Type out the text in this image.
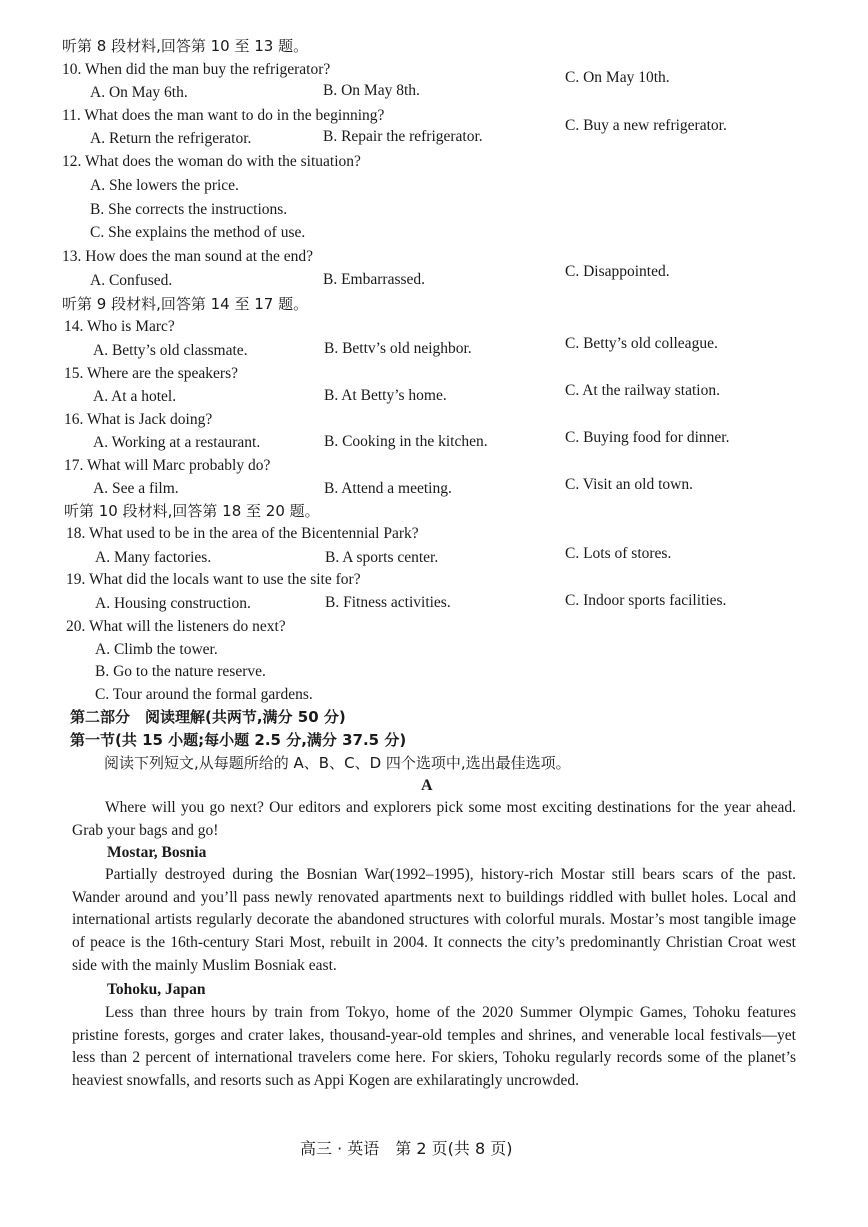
听第 8 段材料,回答第 10 至 13 题。
10. When did the man buy the refrigerator?
A. On May 6th.	B. On May 8th.
C. On May 10th.
11. What does the man want to do in the beginning?
A. Return the refrigerator.	B. Repair the refrigerator.
C. Buy a new refrigerator.
12. What does the woman do with the situation?
A. She lowers the price.
B. She corrects the instructions.
C. She explains the method of use.
13. How does the man sound at the end?
A. Confused.	B. Embarrassed.	C. Disappointed.
听第 9 段材料,回答第 14 至 17 题。
14. Who is Marc?
A. Betty’s old classmate.	B. Bettv’s old neighbor.	C. Betty’s old colleague.
15. Where are the speakers?
A. At a hotel.	B. At Betty’s home.	C. At the railway station.
16. What is Jack doing?
A. Working at a restaurant.	B. Cooking in the kitchen.	C. Buying food for dinner.
17. What will Marc probably do?
A. See a film.	B. Attend a meeting.	C. Visit an old town.
听第 10 段材料,回答第 18 至 20 题。
18. What used to be in the area of the Bicentennial Park?
A. Many factories.	B. A sports center.	C. Lots of stores.
19. What did the locals want to use the site for?
A. Housing construction.	B. Fitness activities.	C. Indoor sports facilities.
20. What will the listeners do next?
A. Climb the tower.
B. Go to the nature reserve.
C. Tour around the formal gardens.
第二部分　阅读理解(共两节,满分 50 分)
第一节(共 15 小题;每小题 2.5 分,满分 37.5 分)
阅读下列短文,从每题所给的 A、B、C、D 四个选项中,选出最佳选项。
A
Where will you go next? Our editors and explorers pick some most exciting destinations for the year ahead. Grab your bags and go!
Mostar, Bosnia
Partially destroyed during the Bosnian War(1992–1995), history-rich Mostar still bears scars of the past. Wander around and you’ll pass newly renovated apartments next to buildings riddled with bullet holes. Local and international artists regularly decorate the abandoned structures with colorful murals. Mostar’s most tangible image of peace is the 16th-century Stari Most, rebuilt in 2004. It connects the city’s predominantly Christian Croat west side with the mainly Muslim Bosniak east.
Tohoku, Japan
Less than three hours by train from Tokyo, home of the 2020 Summer Olympic Games, Tohoku features pristine forests, gorges and crater lakes, thousand-year-old temples and shrines, and venerable local festivals—yet less than 2 percent of international travelers come here. For skiers, Tohoku regularly records some of the planet’s heaviest snowfalls, and resorts such as Appi Kogen are exhilaratingly uncrowded.
高三 · 英语　第 2 页(共 8 页)
